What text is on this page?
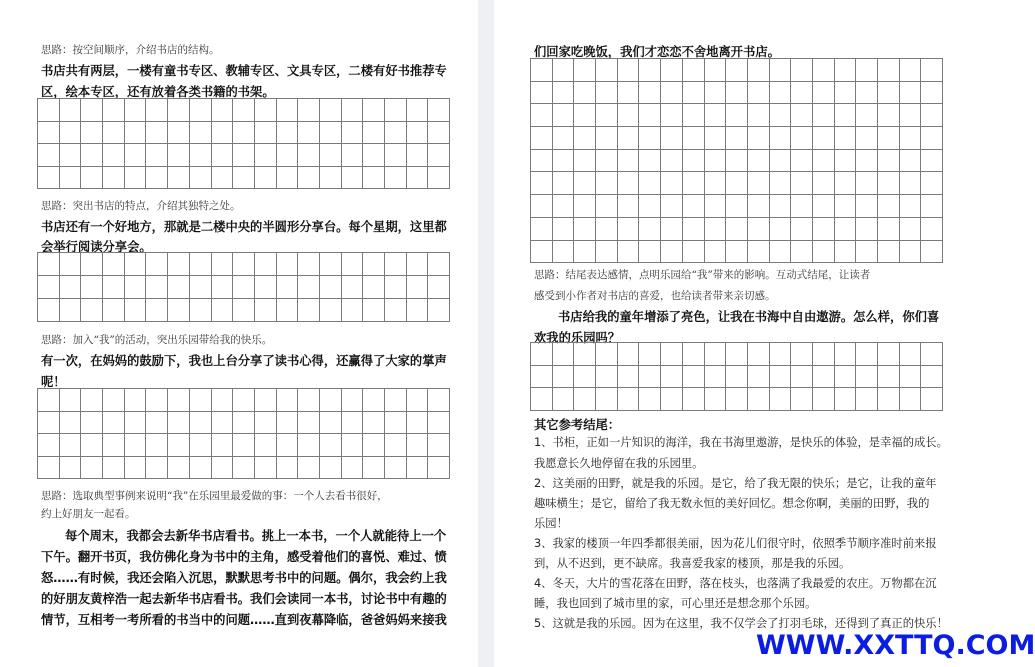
思路：按空间顺序，介绍书店的结构。
书店共有两层，一楼有童书专区、教辅专区、文具专区，二楼有好书推荐专
区，绘本专区，还有放着各类书籍的书架。

思路：突出书店的特点，介绍其独特之处。
书店还有一个好地方，那就是二楼中央的半圆形分享台。每个星期，这里都
会举行阅读分享会。

思路：加入“我”的活动，突出乐园带给我的快乐。
有一次，在妈妈的鼓励下，我也上台分享了读书心得，还赢得了大家的掌声
呢！

思路：选取典型事例来说明“我”在乐园里最爱做的事：一个人去看书很好，
约上好朋友一起看。
每个周末，我都会去新华书店看书。挑上一本书，一个人就能待上一个
下午。翻开书页，我仿佛化身为书中的主角，感受着他们的喜悦、难过、愤
怒……有时候，我还会陷入沉思，默默思考书中的问题。偶尔，我会约上我
的好朋友黄梓浩一起去新华书店看书。我们会读同一本书，讨论书中有趣的
情节，互相考一考所看的书当中的问题……直到夜幕降临，爸爸妈妈来接我
们回家吃晚饭，我们才恋恋不舍地离开书店。

思路：结尾表达感情，点明乐园给“我”带来的影响。互动式结尾，让读者
感受到小作者对书店的喜爱，也给读者带来亲切感。
书店给我的童年增添了亮色，让我在书海中自由遨游。怎么样，你们喜
欢我的乐园吗？

其它参考结尾：
1、书柜，正如一片知识的海洋，我在书海里遨游，是快乐的体验，是幸福的成长。
我愿意长久地停留在我的乐园里。
2、这美丽的田野，就是我的乐园。是它，给了我无限的快乐；是它，让我的童年
趣味横生；是它，留给了我无数永恒的美好回忆。想念你啊，美丽的田野，我的
乐园！
3、我家的楼顶一年四季都很美丽，因为花儿们很守时，依照季节顺序准时前来报
到，从不迟到，更不缺席。我喜爱我家的楼顶，那是我的乐园。
4、冬天，大片的雪花落在田野，落在枝头，也落满了我最爱的农庄。万物都在沉
睡，我也回到了城市里的家，可心里还是想念那个乐园。
5、这就是我的乐园。因为在这里，我不仅学会了打羽毛球，还得到了真正的快乐！
WWW.XXTTQ.COM
